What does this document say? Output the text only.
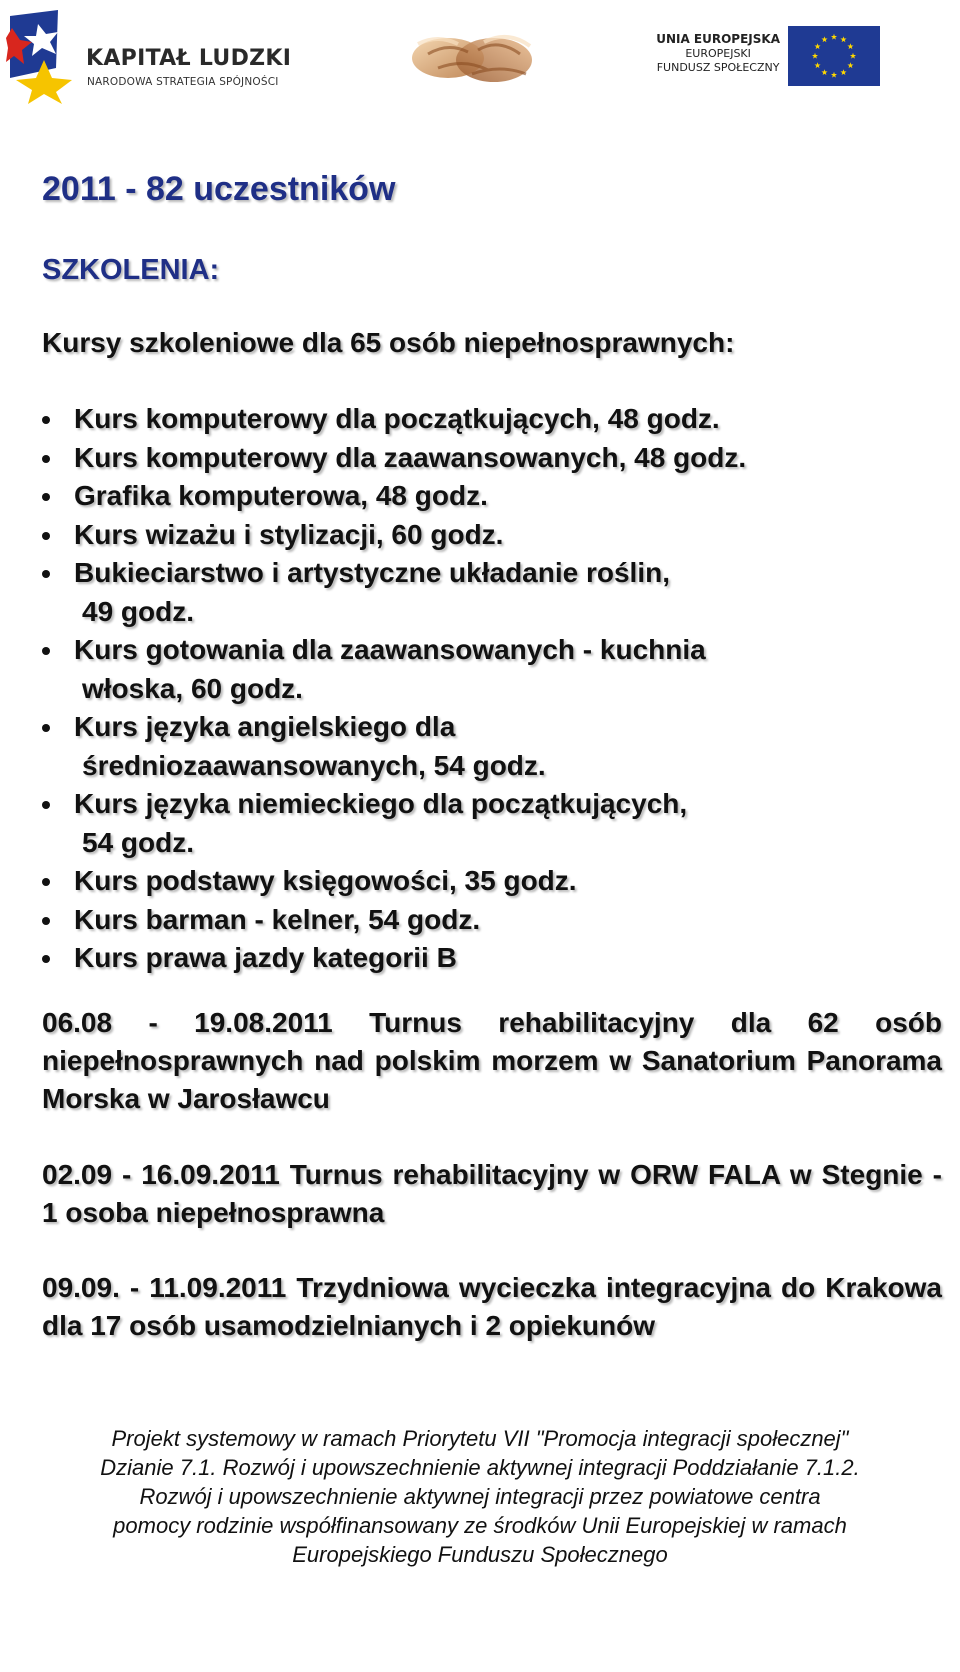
KAPITAŁ LUDZKI
NARODOWA STRATEGIA SPÓJNOŚCI
UNIA EUROPEJSKA
EUROPEJSKI
FUNDUSZ SPOŁECZNY
2011 - 82 uczestników
SZKOLENIA:
Kursy szkoleniowe dla 65 osób niepełnosprawnych:
Kurs komputerowy dla początkujących, 48 godz.
Kurs komputerowy dla zaawansowanych, 48 godz.
Grafika komputerowa, 48 godz.
Kurs wizażu i stylizacji, 60 godz.
Bukieciarstwo i artystyczne układanie roślin,
49 godz.
Kurs gotowania dla zaawansowanych - kuchnia
włoska, 60 godz.
Kurs języka angielskiego dla
średniozaawansowanych, 54 godz.
Kurs języka niemieckiego dla początkujących,
54 godz.
Kurs podstawy księgowości, 35 godz.
Kurs barman - kelner, 54 godz.
Kurs prawa jazdy kategorii B
06.08 - 19.08.2011 Turnus rehabilitacyjny dla 62 osób niepełnosprawnych nad polskim morzem w Sanatorium Panorama Morska w Jarosławcu
02.09 - 16.09.2011 Turnus rehabilitacyjny w ORW FALA w Stegnie - 1 osoba niepełnosprawna
09.09. - 11.09.2011 Trzydniowa wycieczka integracyjna do Krakowa dla 17 osób usamodzielnianych i 2 opiekunów
Projekt systemowy w ramach Priorytetu VII "Promocja integracji społecznej"
Dzianie 7.1. Rozwój i upowszechnienie aktywnej integracji Poddziałanie 7.1.2.
Rozwój i upowszechnienie aktywnej integracji przez powiatowe centra
pomocy rodzinie współfinansowany ze środków Unii Europejskiej w ramach
Europejskiego Funduszu Społecznego
